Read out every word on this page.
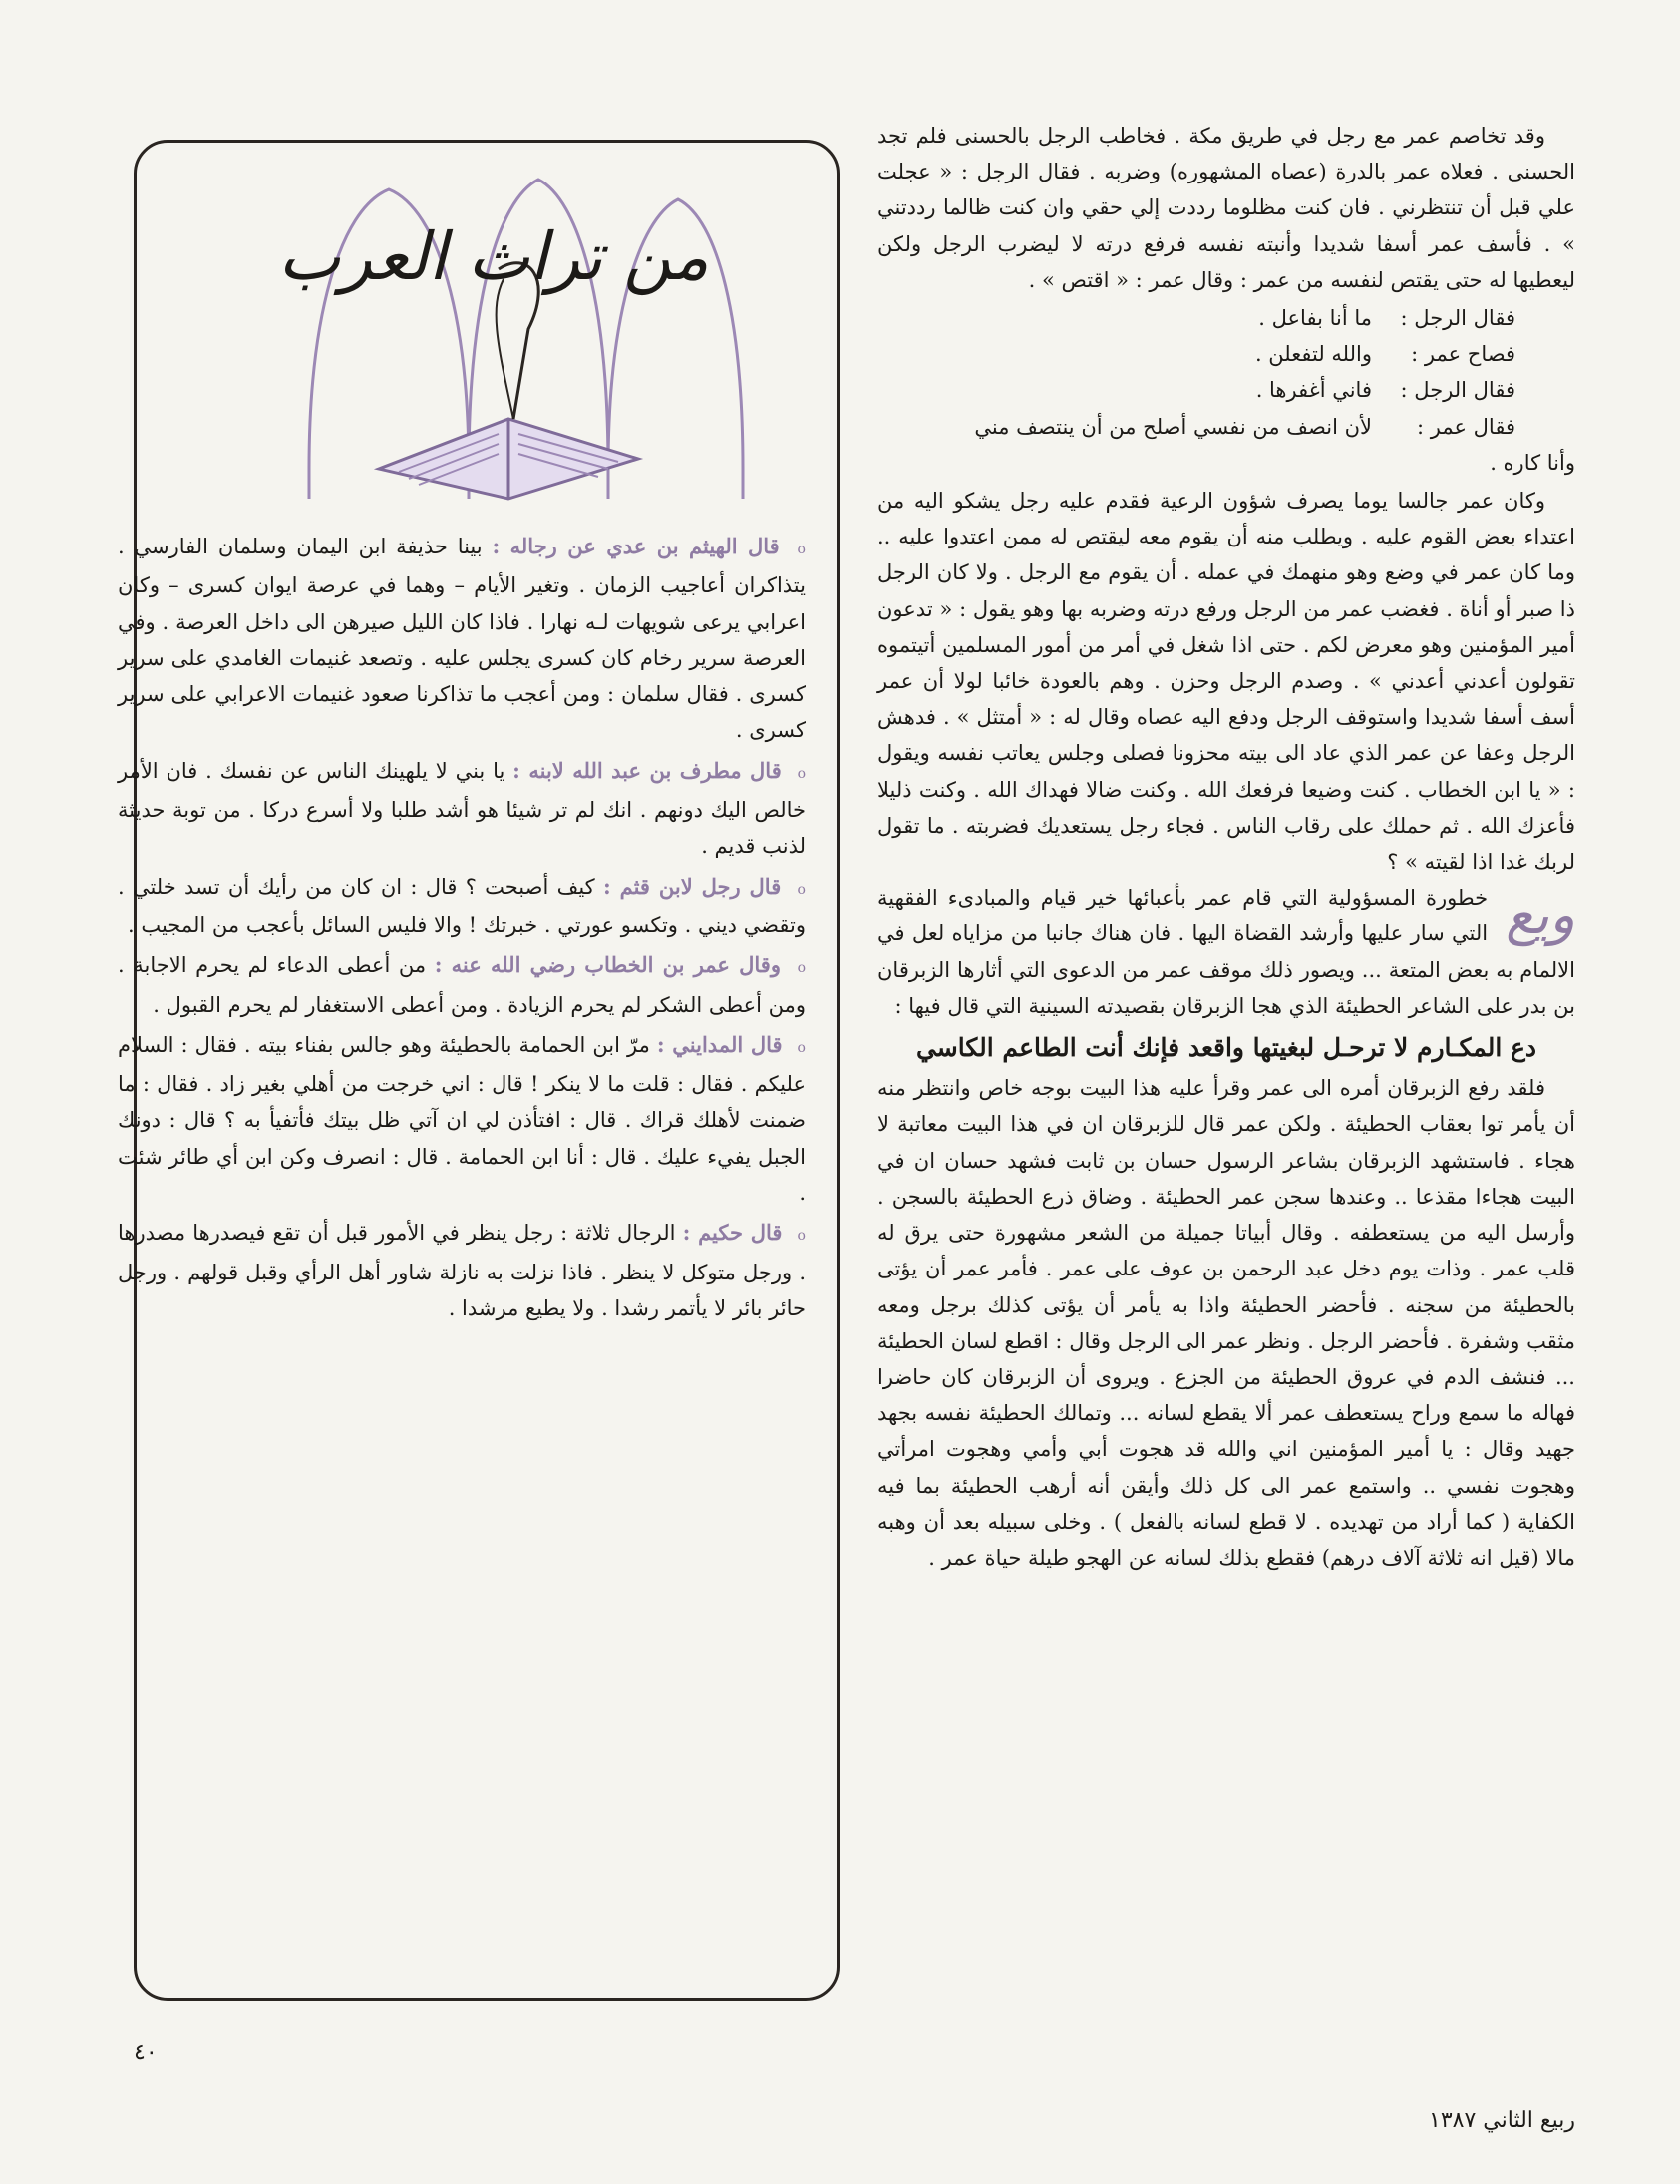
وقد تخاصم عمر مع رجل في طريق مكة . فخاطب الرجل بالحسنى فلم تجد الحسنى . فعلاه عمر بالدرة (عصاه المشهوره) وضربه . فقال الرجل : « عجلت علي قبل أن تنتظرني . فان كنت مظلوما رددت إلي حقي وان كنت ظالما رددتني » . فأسف عمر أسفا شديدا وأنبته نفسه فرفع درته لا ليضرب الرجل ولكن ليعطيها له حتى يقتص لنفسه من عمر : وقال عمر : « اقتص » .

فقال الرجل :
ما أنا بفاعل .
فصاح عمر :
والله لتفعلن .
فقال الرجل :
فاني أغفرها .
فقال عمر :
لأن انصف من نفسي أصلح من أن ينتصف مني

وأنا كاره .

وكان عمر جالسا يوما يصرف شؤون الرعية فقدم عليه رجل يشكو اليه من اعتداء بعض القوم عليه . ويطلب منه أن يقوم معه ليقتص له ممن اعتدوا عليه .. وما كان عمر في وضع وهو منهمك في عمله . أن يقوم مع الرجل . ولا كان الرجل ذا صبر أو أناة . فغضب عمر من الرجل ورفع درته وضربه بها وهو يقول : « تدعون أمير المؤمنين وهو معرض لكم . حتى اذا شغل في أمر من أمور المسلمين أتيتموه تقولون أعدني أعدني » . وصدم الرجل وحزن . وهم بالعودة خائبا لولا أن عمر أسف أسفا شديدا واستوقف الرجل ودفع اليه عصاه وقال له : « أمتثل » . فدهش الرجل وعفا عن عمر الذي عاد الى بيته محزونا فصلى وجلس يعاتب نفسه ويقول : « يا ابن الخطاب . كنت وضيعا فرفعك الله . وكنت ضالا فهداك الله . وكنت ذليلا فأعزك الله . ثم حملك على رقاب الناس . فجاء رجل يستعديك فضربته . ما تقول لربك غدا اذا لقيته » ؟

ويع

خطورة المسؤولية التي قام عمر بأعبائها خير قيام والمبادىء الفقهية التي سار عليها وأرشد القضاة اليها . فان هناك جانبا من مزاياه لعل في الالمام به بعض المتعة ... ويصور ذلك موقف عمر من الدعوى التي أثارها الزبرقان بن بدر على الشاعر الحطيئة الذي هجا الزبرقان بقصيدته السينية التي قال فيها :

دع المكـارم لا ترحـل لبغيتها واقعد فإنك أنت الطاعم الكاسي

فلقد رفع الزبرقان أمره الى عمر وقرأ عليه هذا البيت بوجه خاص وانتظر منه أن يأمر توا بعقاب الحطيئة . ولكن عمر قال للزبرقان ان في هذا البيت معاتبة لا هجاء . فاستشهد الزبرقان بشاعر الرسول حسان بن ثابت فشهد حسان ان في البيت هجاءا مقذعا .. وعندها سجن عمر الحطيئة . وضاق ذرع الحطيئة بالسجن . وأرسل اليه من يستعطفه . وقال أبياتا جميلة من الشعر مشهورة حتى يرق له قلب عمر . وذات يوم دخل عبد الرحمن بن عوف على عمر . فأمر عمر أن يؤتى بالحطيئة من سجنه . فأحضر الحطيئة واذا به يأمر أن يؤتى كذلك برجل ومعه مثقب وشفرة . فأحضر الرجل . ونظر عمر الى الرجل وقال : اقطع لسان الحطيئة ... فنشف الدم في عروق الحطيئة من الجزع . ويروى أن الزبرقان كان حاضرا فهاله ما سمع وراح يستعطف عمر ألا يقطع لسانه ... وتمالك الحطيئة نفسه بجهد جهيد وقال : يا أمير المؤمنين اني والله قد هجوت أبي وأمي وهجوت امرأتي وهجوت نفسي .. واستمع عمر الى كل ذلك وأيقن أنه أرهب الحطيئة بما فيه الكفاية ( كما أراد من تهديده . لا قطع لسانه بالفعل ) . وخلى سبيله بعد أن وهبه مالا (قيل انه ثلاثة آلاف درهم) فقطع بذلك لسانه عن الهجو طيلة حياة عمر .

من تراث العرب
o قال الهيثم بن عدي عن رجاله : بينا حذيفة ابن اليمان وسلمان الفارسي . يتذاكران أعاجيب الزمان . وتغير الأيام – وهما في عرصة ايوان كسرى – وكان اعرابي يرعى شويهات لـه نهارا . فاذا كان الليل صيرهن الى داخل العرصة . وفي العرصة سرير رخام كان كسرى يجلس عليه . وتصعد غنيمات الغامدي على سرير كسرى . فقال سلمان : ومن أعجب ما تذاكرنا صعود غنيمات الاعرابي على سرير كسرى .
o قال مطرف بن عبد الله لابنه : يا بني لا يلهينك الناس عن نفسك . فان الأمر خالص اليك دونهم . انك لم تر شيئا هو أشد طلبا ولا أسرع دركا . من توبة حديثة لذنب قديم .
o قال رجل لابن قثم : كيف أصبحت ؟ قال : ان كان من رأيك أن تسد خلتي . وتقضي ديني . وتكسو عورتي . خبرتك ! والا فليس السائل بأعجب من المجيب .
o وقال عمر بن الخطاب رضي الله عنه : من أعطى الدعاء لم يحرم الاجابة . ومن أعطى الشكر لم يحرم الزيادة . ومن أعطى الاستغفار لم يحرم القبول .
o قال المدايني : مرّ ابن الحمامة بالحطيئة وهو جالس بفناء بيته . فقال : السلام عليكم . فقال : قلت ما لا ينكر ! قال : اني خرجت من أهلي بغير زاد . فقال : ما ضمنت لأهلك قراك . قال : افتأذن لي ان آتي ظل بيتك فأتفيأ به ؟ قال : دونك الجبل يفيء عليك . قال : أنا ابن الحمامة . قال : انصرف وكن ابن أي طائر شئت .
o قال حكيم : الرجال ثلاثة : رجل ينظر في الأمور قبل أن تقع فيصدرها مصدرها . ورجل متوكل لا ينظر . فاذا نزلت به نازلة شاور أهل الرأي وقبل قولهم . ورجل حائر بائر لا يأتمر رشدا . ولا يطيع مرشدا .
٤٠
ربيع الثاني ١٣٨٧
